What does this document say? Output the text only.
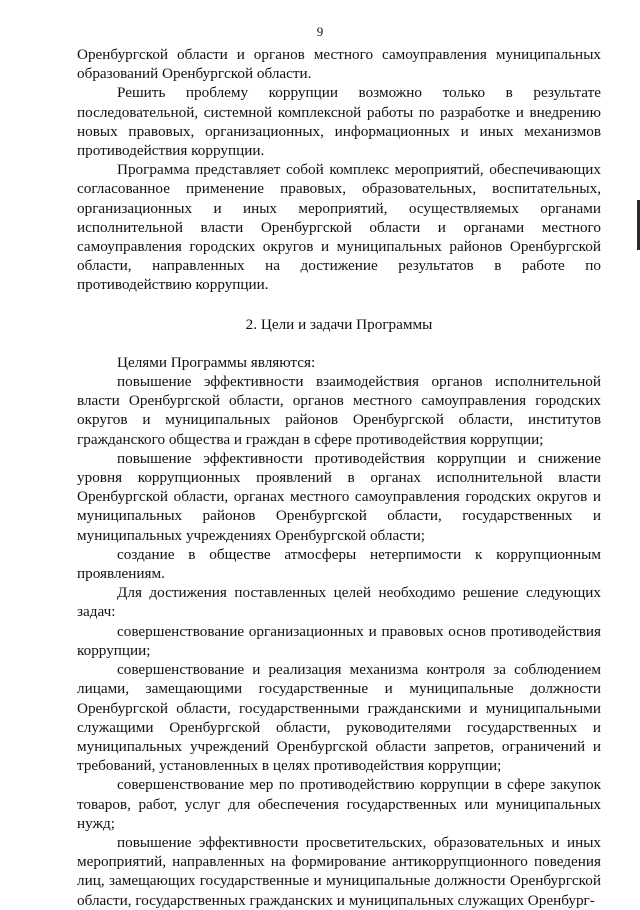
9

Оренбургской области и органов местного самоуправления муниципальных образований Оренбургской области.

Решить проблему коррупции возможно только в результате последовательной, системной комплексной работы по разработке и внедрению новых правовых, организационных, информационных и иных механизмов противодействия коррупции.

Программа представляет собой комплекс мероприятий, обеспечивающих согласованное применение правовых, образовательных, воспитательных, организационных и иных мероприятий, осуществляемых органами исполнительной власти Оренбургской области и органами местного самоуправления городских округов и муниципальных районов Оренбургской области, направленных на достижение результатов в работе по противодействию коррупции.

2. Цели и задачи Программы

Целями Программы являются:

повышение эффективности взаимодействия органов исполнительной власти Оренбургской области, органов местного самоуправления городских округов и муниципальных районов Оренбургской области, институтов гражданского общества и граждан в сфере противодействия коррупции;

повышение эффективности противодействия коррупции и снижение уровня коррупционных проявлений в органах исполнительной власти Оренбургской области, органах местного самоуправления городских округов и муниципальных районов Оренбургской области, государственных и муниципальных учреждениях Оренбургской области;

создание в обществе атмосферы нетерпимости к коррупционным проявлениям.

Для достижения поставленных целей необходимо решение следующих задач:

совершенствование организационных и правовых основ противодействия коррупции;

совершенствование и реализация механизма контроля за соблюдением лицами, замещающими государственные и муниципальные должности Оренбургской области, государственными гражданскими и муниципальными служащими Оренбургской области, руководителями государственных и муниципальных учреждений Оренбургской области запретов, ограничений и требований, установленных в целях противодействия коррупции;

совершенствование мер по противодействию коррупции в сфере закупок товаров, работ, услуг для обеспечения государственных или муниципальных нужд;

повышение эффективности просветительских, образовательных и иных мероприятий, направленных на формирование антикоррупционного поведения лиц, замещающих государственные и муниципальные должности Оренбургской области, государственных гражданских и муниципальных служащих Оренбург-
